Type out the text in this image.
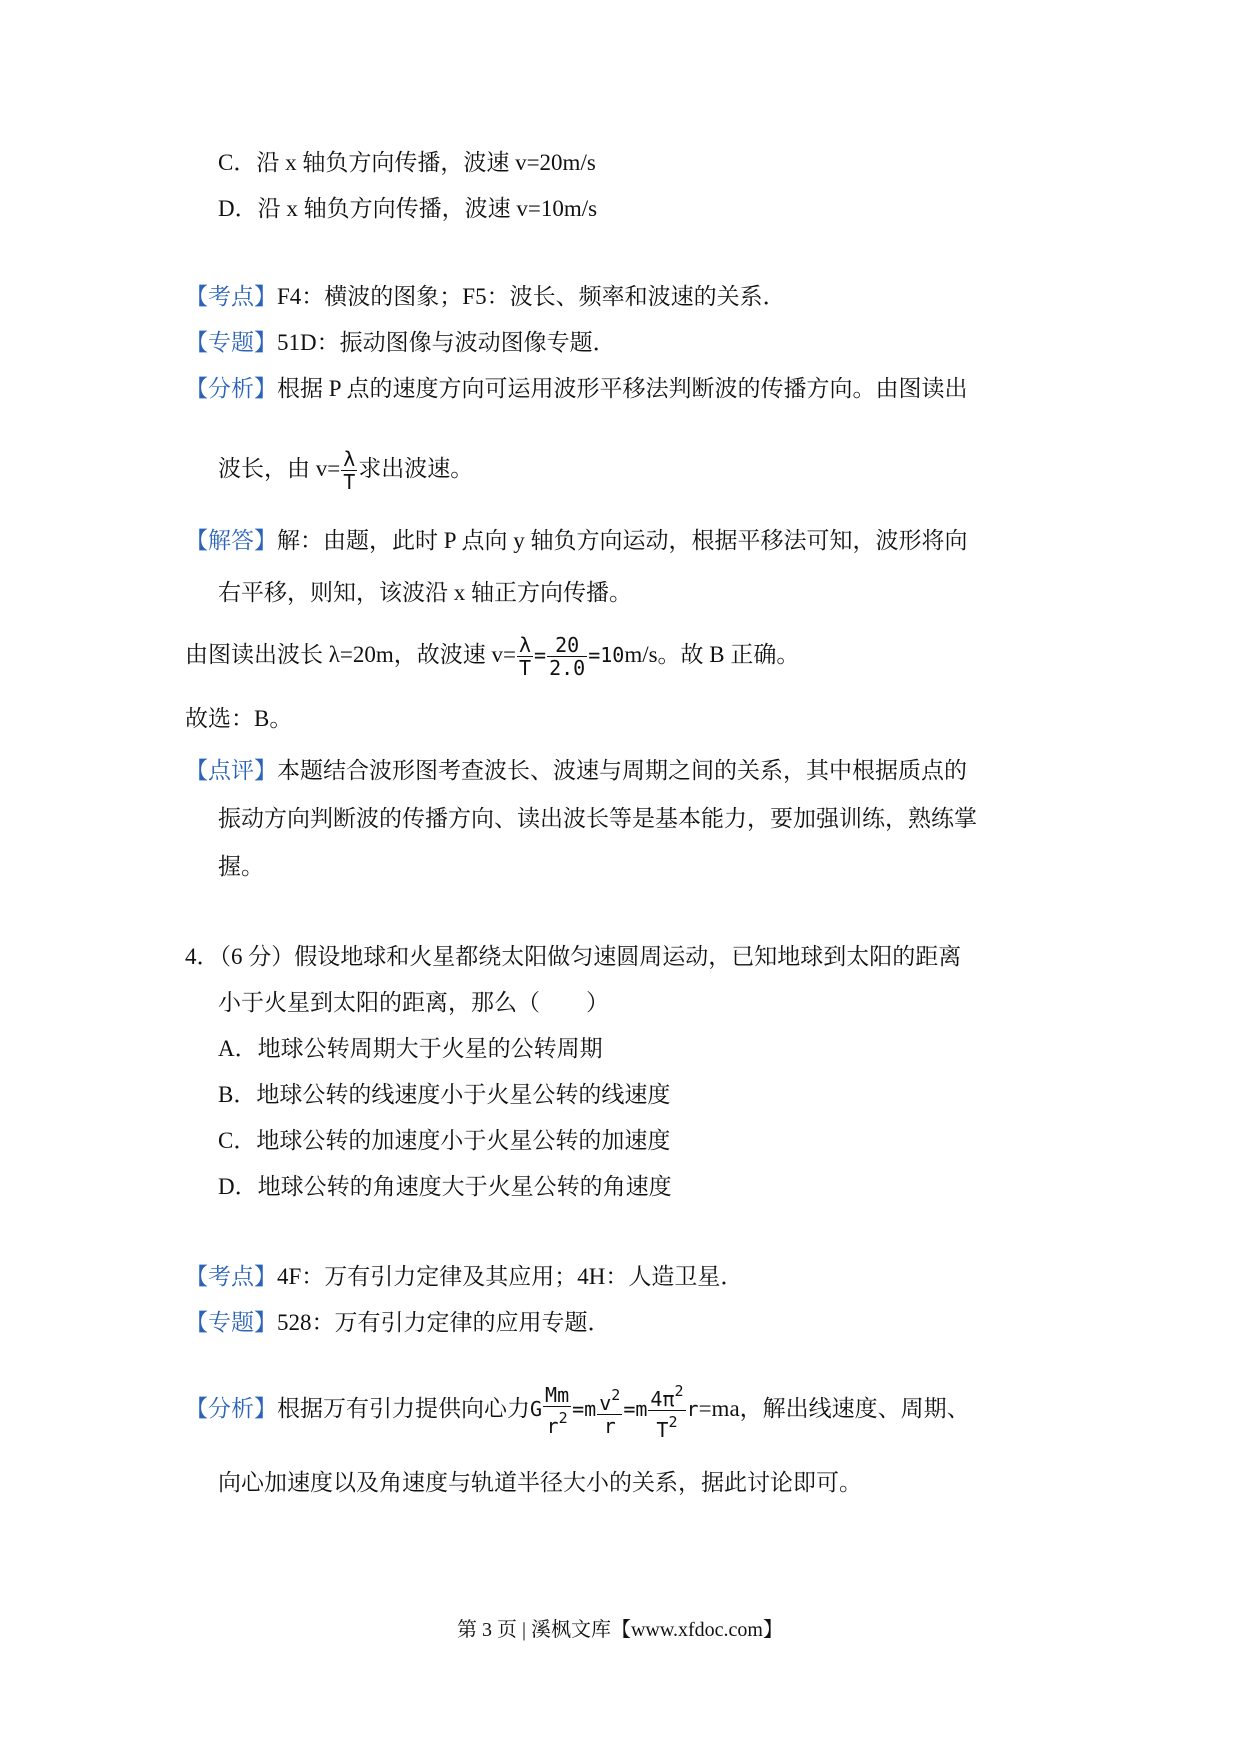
C．沿 x 轴负方向传播，波速 v=20m/s
D．沿 x 轴负方向传播，波速 v=10m/s
【考点】F4：横波的图象；F5：波长、频率和波速的关系．
【专题】51D：振动图像与波动图像专题．
【分析】根据 P 点的速度方向可运用波形平移法判断波的传播方向。由图读出
波长，由 $v= \frac{\lambda}{T}$ 求出波速。
【解答】解：由题，此时 P 点向 y 轴负方向运动，根据平移法可知，波形将向
右平移，则知，该波沿 x 轴正方向传播。
由图读出波长 λ=20m，故波速 $v= \frac{\lambda}{T} = \frac{20}{2.0} =10m/s$。故 B 正确。
故选：B。
【点评】本题结合波形图考查波长、波速与周期之间的关系，其中根据质点的
振动方向判断波的传播方向、读出波长等是基本能力，要加强训练，熟练掌
握。
4．（6 分）假设地球和火星都绕太阳做匀速圆周运动，已知地球到太阳的距离
小于火星到太阳的距离，那么（　　）
A．地球公转周期大于火星的公转周期
B．地球公转的线速度小于火星公转的线速度
C．地球公转的加速度小于火星公转的加速度
D．地球公转的角速度大于火星公转的角速度
【考点】4F：万有引力定律及其应用；4H：人造卫星．
【专题】528：万有引力定律的应用专题．
【分析】根据万有引力提供向心力G $\frac{Mm}{r^2} =m \frac{v^2}{r} =m \frac{4\pi^2}{T^2} r=ma$，解出线速度、周期、
向心加速度以及角速度与轨道半径大小的关系，据此讨论即可。
第 3 页 | 溪枫文库【www.xfdoc.com】
